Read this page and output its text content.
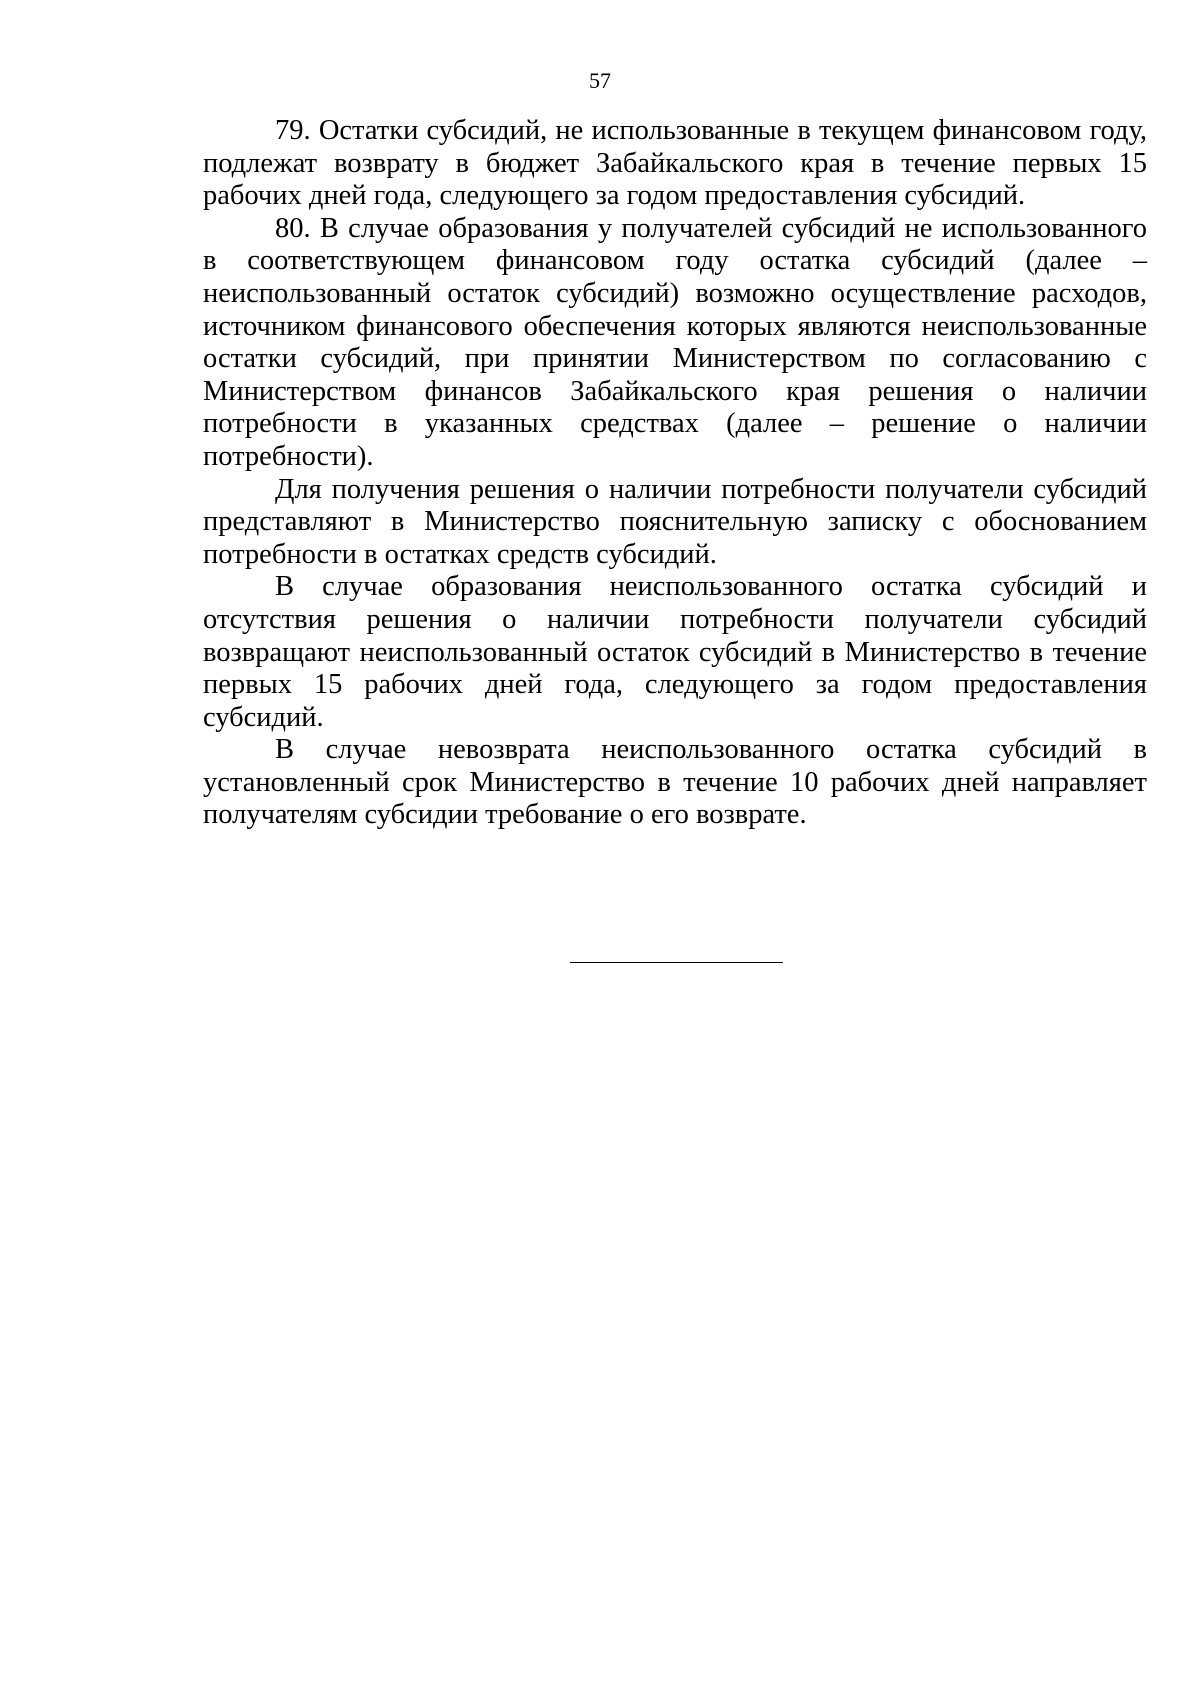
57

79. Остатки субсидий, не использованные в текущем финансовом году, подлежат возврату в бюджет Забайкальского края в течение первых 15 рабочих дней года, следующего за годом предоставления субсидий.

80. В случае образования у получателей субсидий не использованного в соответствующем финансовом году остатка субсидий (далее – неиспользованный остаток субсидий) возможно осуществление расходов, источником финансового обеспечения которых являются неиспользованные остатки субсидий, при принятии Министерством по согласованию с Министерством финансов Забайкальского края решения о наличии потребности в указанных средствах (далее – решение о наличии потребности).

Для получения решения о наличии потребности получатели субсидий представляют в Министерство пояснительную записку с обоснованием потребности в остатках средств субсидий.

В случае образования неиспользованного остатка субсидий и отсутствия решения о наличии потребности получатели субсидий возвращают неиспользованный остаток субсидий в Министерство в течение первых 15 рабочих дней года, следующего за годом предоставления субсидий.

В случае невозврата неиспользованного остатка субсидий в установленный срок Министерство в течение 10 рабочих дней направляет получателям субсидии требование о его возврате.
